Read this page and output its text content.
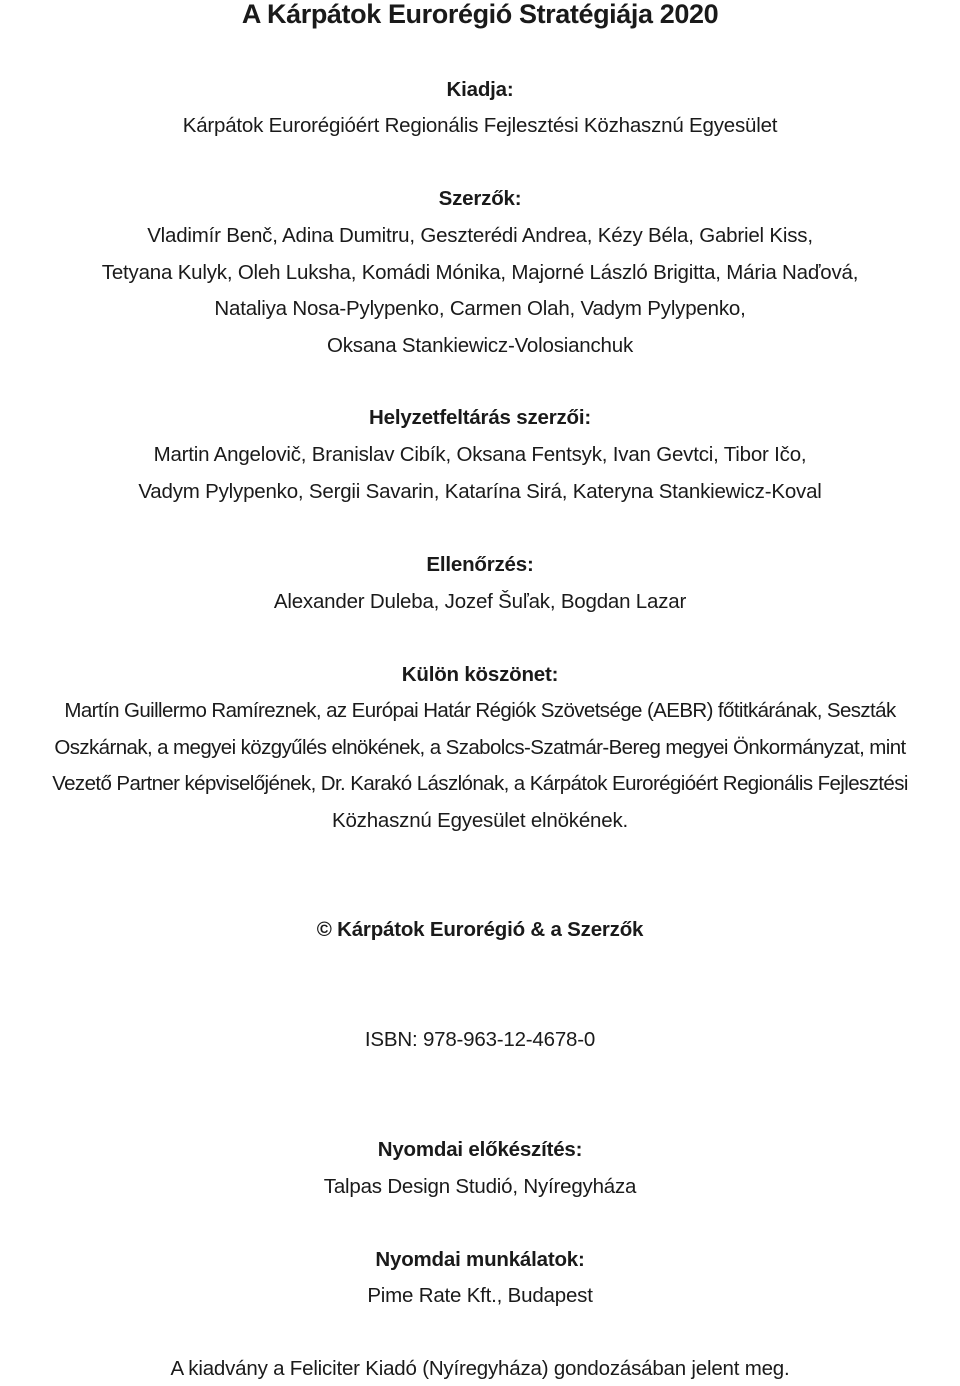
A Kárpátok Eurorégió Stratégiája 2020
Kiadja:
Kárpátok Eurorégióért Regionális Fejlesztési Közhasznú Egyesület
Szerzők:
Vladimír Benč, Adina Dumitru, Geszterédi Andrea, Kézy Béla, Gabriel Kiss,
Tetyana Kulyk, Oleh Luksha, Komádi Mónika, Majorné László Brigitta, Mária Naďová,
Nataliya Nosa-Pylypenko, Carmen Olah, Vadym Pylypenko,
Oksana Stankiewicz-Volosianchuk
Helyzetfeltárás szerzői:
Martin Angelovič, Branislav Cibík, Oksana Fentsyk, Ivan Gevtci, Tibor Ičo,
Vadym Pylypenko, Sergii Savarin, Katarína Sirá, Kateryna Stankiewicz-Koval
Ellenőrzés:
Alexander Duleba, Jozef Šuľak, Bogdan Lazar
Külön köszönet:
Martín Guillermo Ramíreznek, az Európai Határ Régiók Szövetsége (AEBR) főtitkárának, Seszták
Oszkárnak, a megyei közgyűlés elnökének, a Szabolcs-Szatmár-Bereg megyei Önkormányzat, mint
Vezető Partner képviselőjének, Dr. Karakó Lászlónak, a Kárpátok Eurorégióért Regionális Fejlesztési
Közhasznú Egyesület elnökének.
© Kárpátok Eurorégió & a Szerzők
ISBN: 978-963-12-4678-0
Nyomdai előkészítés:
Talpas Design Studió, Nyíregyháza
Nyomdai munkálatok:
Pime Rate Kft., Budapest
A kiadvány a Feliciter Kiadó (Nyíregyháza) gondozásában jelent meg.
